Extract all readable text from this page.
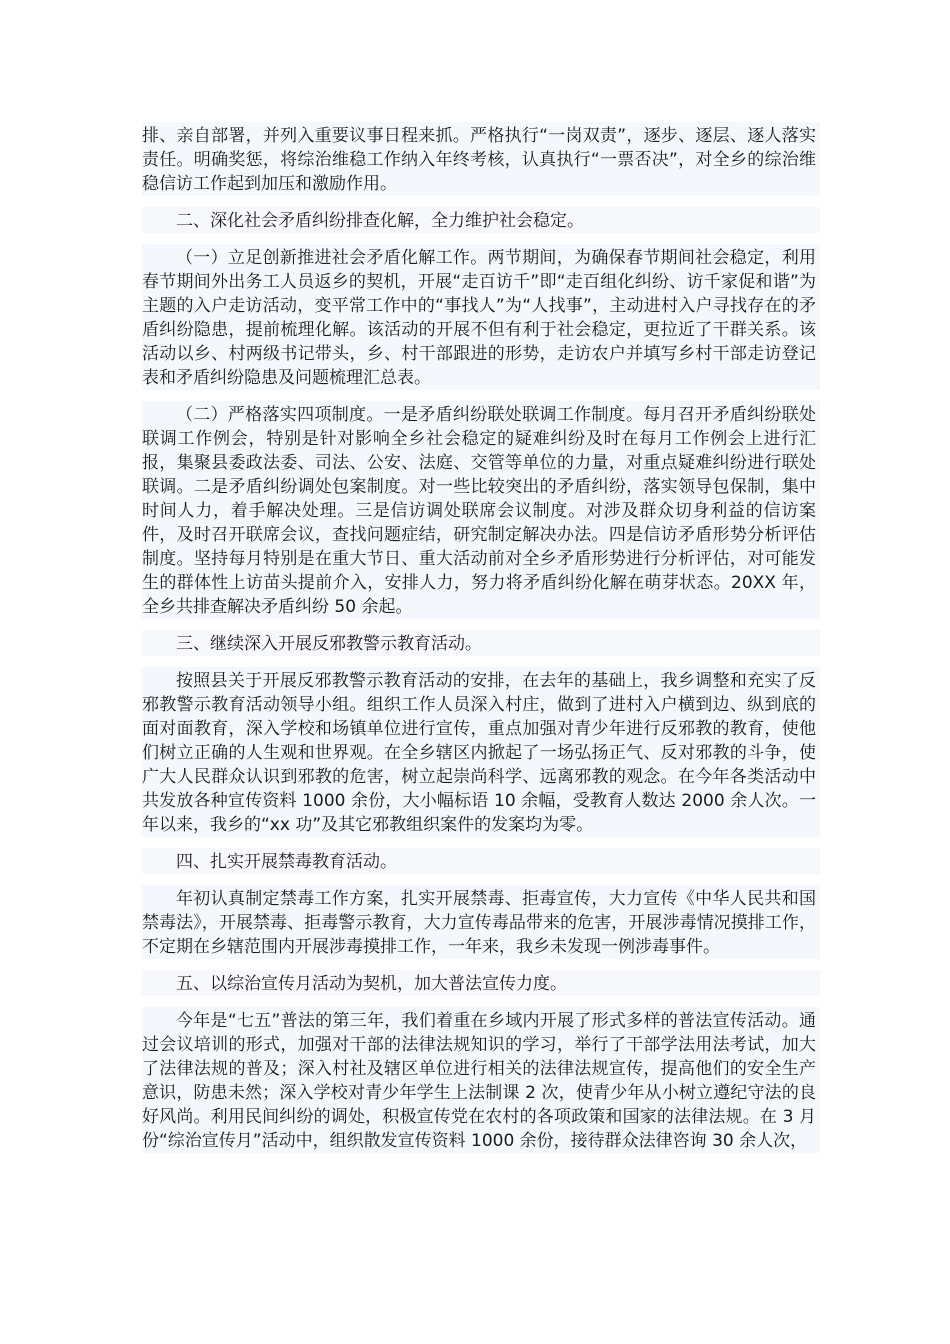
排、亲自部署，并列入重要议事日程来抓。严格执行“一岗双责”，逐步、逐层、逐人落实责任。明确奖惩，将综治维稳工作纳入年终考核，认真执行“一票否决”，对全乡的综治维稳信访工作起到加压和激励作用。

二、深化社会矛盾纠纷排查化解，全力维护社会稳定。

（一）立足创新推进社会矛盾化解工作。两节期间，为确保春节期间社会稳定，利用春节期间外出务工人员返乡的契机，开展“走百访千”即“走百组化纠纷、访千家促和谐”为主题的入户走访活动，变平常工作中的“事找人”为“人找事”，主动进村入户寻找存在的矛盾纠纷隐患，提前梳理化解。该活动的开展不但有利于社会稳定，更拉近了干群关系。该活动以乡、村两级书记带头，乡、村干部跟进的形势，走访农户并填写乡村干部走访登记表和矛盾纠纷隐患及问题梳理汇总表。

（二）严格落实四项制度。一是矛盾纠纷联处联调工作制度。每月召开矛盾纠纷联处联调工作例会，特别是针对影响全乡社会稳定的疑难纠纷及时在每月工作例会上进行汇报，集聚县委政法委、司法、公安、法庭、交管等单位的力量，对重点疑难纠纷进行联处联调。二是矛盾纠纷调处包案制度。对一些比较突出的矛盾纠纷，落实领导包保制，集中时间人力，着手解决处理。三是信访调处联席会议制度。对涉及群众切身利益的信访案件，及时召开联席会议，查找问题症结，研究制定解决办法。四是信访矛盾形势分析评估制度。坚持每月特别是在重大节日、重大活动前对全乡矛盾形势进行分析评估，对可能发生的群体性上访苗头提前介入，安排人力，努力将矛盾纠纷化解在萌芽状态。20XX 年，全乡共排查解决矛盾纠纷 50 余起。

三、继续深入开展反邪教警示教育活动。

按照县关于开展反邪教警示教育活动的安排，在去年的基础上，我乡调整和充实了反邪教警示教育活动领导小组。组织工作人员深入村庄，做到了进村入户横到边、纵到底的面对面教育，深入学校和场镇单位进行宣传，重点加强对青少年进行反邪教的教育，使他们树立正确的人生观和世界观。在全乡辖区内掀起了一场弘扬正气、反对邪教的斗争，使广大人民群众认识到邪教的危害，树立起崇尚科学、远离邪教的观念。在今年各类活动中共发放各种宣传资料 1000 余份，大小幅标语 10 余幅，受教育人数达 2000 余人次。一年以来，我乡的“xx 功”及其它邪教组织案件的发案均为零。

四、扎实开展禁毒教育活动。

年初认真制定禁毒工作方案，扎实开展禁毒、拒毒宣传，大力宣传《中华人民共和国禁毒法》，开展禁毒、拒毒警示教育，大力宣传毒品带来的危害，开展涉毒情况摸排工作，不定期在乡辖范围内开展涉毒摸排工作，一年来，我乡未发现一例涉毒事件。

五、以综治宣传月活动为契机，加大普法宣传力度。

今年是“七五”普法的第三年，我们着重在乡域内开展了形式多样的普法宣传活动。通过会议培训的形式，加强对干部的法律法规知识的学习，举行了干部学法用法考试，加大了法律法规的普及；深入村社及辖区单位进行相关的法律法规宣传，提高他们的安全生产意识，防患未然；深入学校对青少年学生上法制课 2 次，使青少年从小树立遵纪守法的良好风尚。利用民间纠纷的调处，积极宣传党在农村的各项政策和国家的法律法规。在 3 月份“综治宣传月”活动中，组织散发宣传资料 1000 余份，接待群众法律咨询 30 余人次，
